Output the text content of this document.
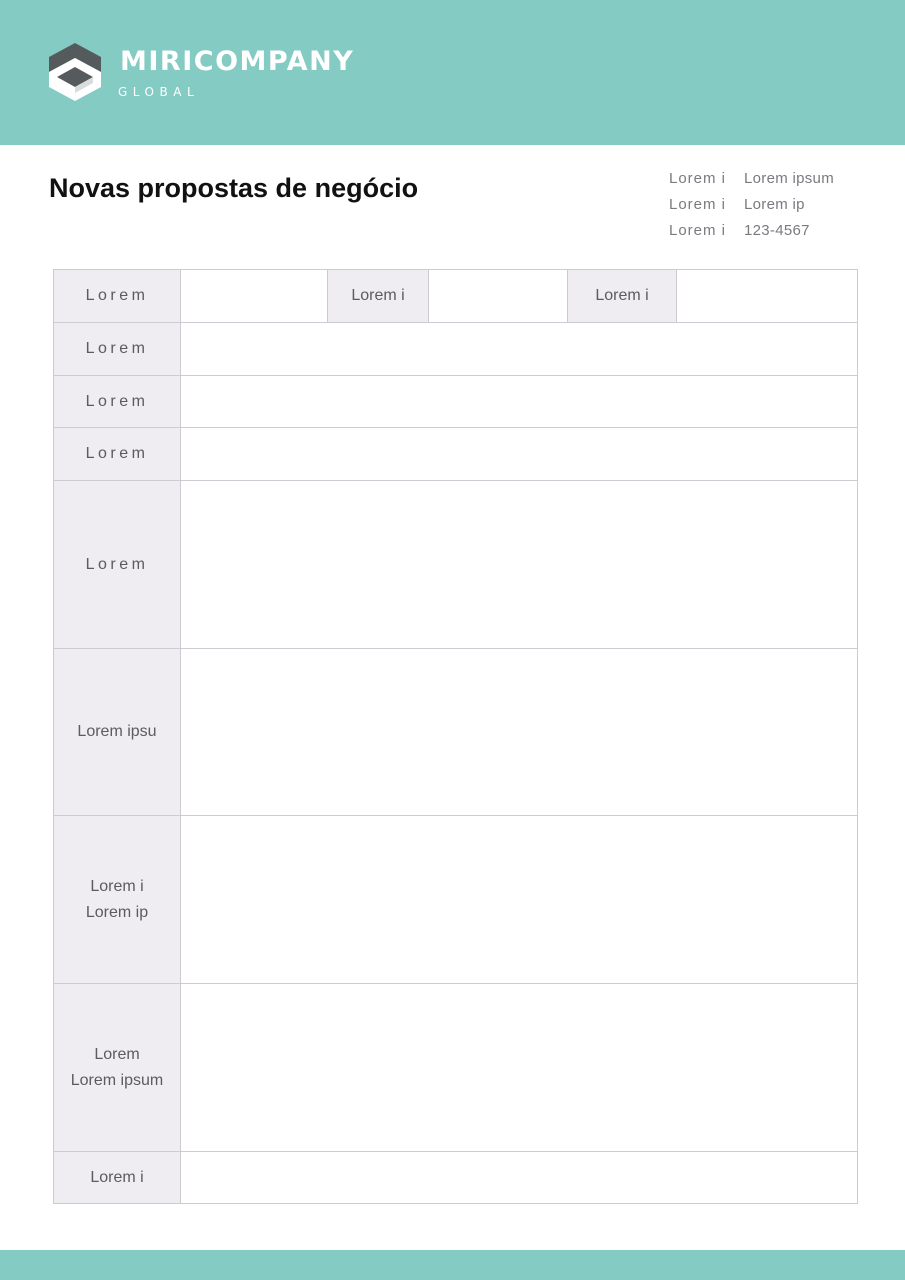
MIRICOMPANY
GLOBAL
Novas propostas de negócio	Lorem i Lorem ipsum
Lorem i Lorem ip
Lorem i 123-4567
Lorem		Lorem i		Lorem i	
Lorem					
Lorem					
Lorem					
Lorem					
Lorem ipsu					

Lorem i
Lorem ip					

Lorem
Lorem ipsum					

Lorem i					
